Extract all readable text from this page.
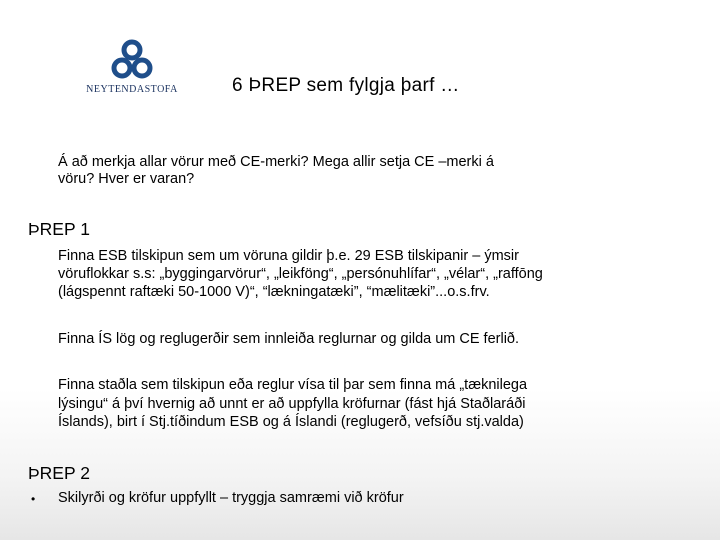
NEYTENDASTOFA	6 ÞREP sem fylgja þarf …
Á að merkja allar vörur með CE-merki? Mega allir setja CE –merki á
vöru? Hver er varan?
ÞREP 1
Finna ESB tilskipun sem um vöruna gildir þ.e. 29 ESB tilskipanir – ýmsir
vöruflokkar s.s: „byggingarvörur“, „leikföng“, „persónuhlífar“, „vélar“, „raffōng
(lágspennt raftæki 50-1000 V)“, “lækningatæki”, “mælitæki”...o.s.frv.
Finna ÍS lög og reglugerðir sem innleiða reglurnar og gilda um CE ferlið.
Finna staðla sem tilskipun eða reglur vísa til þar sem finna má „tæknilega
lýsingu“ á því hvernig að unnt er að uppfylla kröfurnar (fást hjá Staðlaráði
Íslands), birt í Stj.tíðindum ESB og á Íslandi (reglugerð, vefsíðu stj.valda)
ÞREP 2
• Skilyrði og kröfur uppfyllt – tryggja samræmi við kröfur
